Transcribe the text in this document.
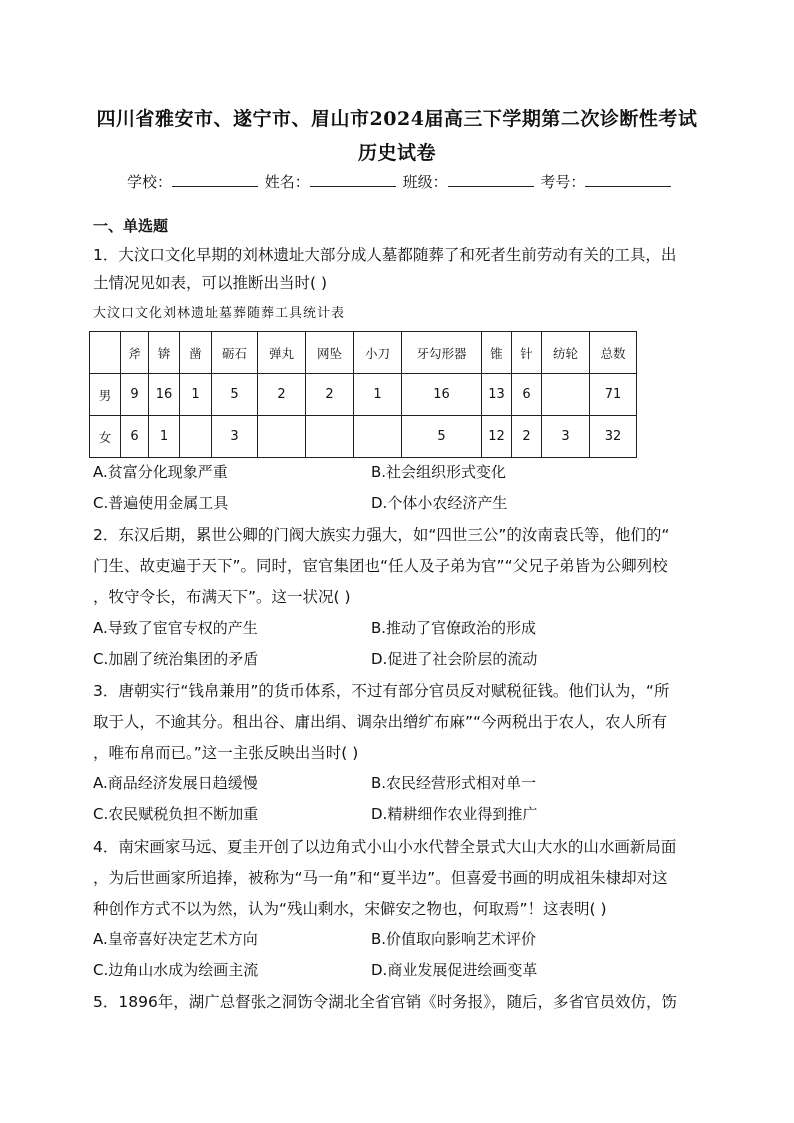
四川省雅安市、遂宁市、眉山市2024届高三下学期第二次诊断性考试
历史试卷
学校：	姓名：	班级：	考号：
一、单选题
1．大汶口文化早期的刘林遗址大部分成人墓都随葬了和死者生前劳动有关的工具，出
土情况见如表，可以推断出当时( )
大汶口文化刘林遗址墓葬随葬工具统计表
	斧	锛	凿	砺石	弹丸	网坠	小刀	牙勾形器	锥	针	纺轮	总数
男	9	16	1	5	2	2	1	16	13	6		71
女	6	1		3				5	12	2	3	32
A.贫富分化现象严重	B.社会组织形式变化
C.普遍使用金属工具	D.个体小农经济产生
2．东汉后期，累世公卿的门阀大族实力强大，如“四世三公”的汝南袁氏等，他们的“
门生、故吏遍于天下”。同时，宦官集团也“任人及子弟为官”“父兄子弟皆为公卿列校
，牧守令长，布满天下”。这一状况( )
A.导致了宦官专权的产生	B.推动了官僚政治的形成
C.加剧了统治集团的矛盾	D.促进了社会阶层的流动
3．唐朝实行“钱帛兼用”的货币体系，不过有部分官员反对赋税征钱。他们认为，“所
取于人，不逾其分。租出谷、庸出绢、调杂出缯纩布麻”“今两税出于农人，农人所有
，唯布帛而已。”这一主张反映出当时( )
A.商品经济发展日趋缓慢	B.农民经营形式相对单一
C.农民赋税负担不断加重	D.精耕细作农业得到推广
4．南宋画家马远、夏圭开创了以边角式小山小水代替全景式大山大水的山水画新局面
，为后世画家所追捧，被称为“马一角”和“夏半边”。但喜爱书画的明成祖朱棣却对这
种创作方式不以为然，认为“残山剩水，宋僻安之物也，何取焉”！这表明( )
A.皇帝喜好决定艺术方向	B.价值取向影响艺术评价
C.边角山水成为绘画主流	D.商业发展促进绘画变革
5．1896年，湖广总督张之洞饬令湖北全省官销《时务报》，随后，多省官员效仿，饬
